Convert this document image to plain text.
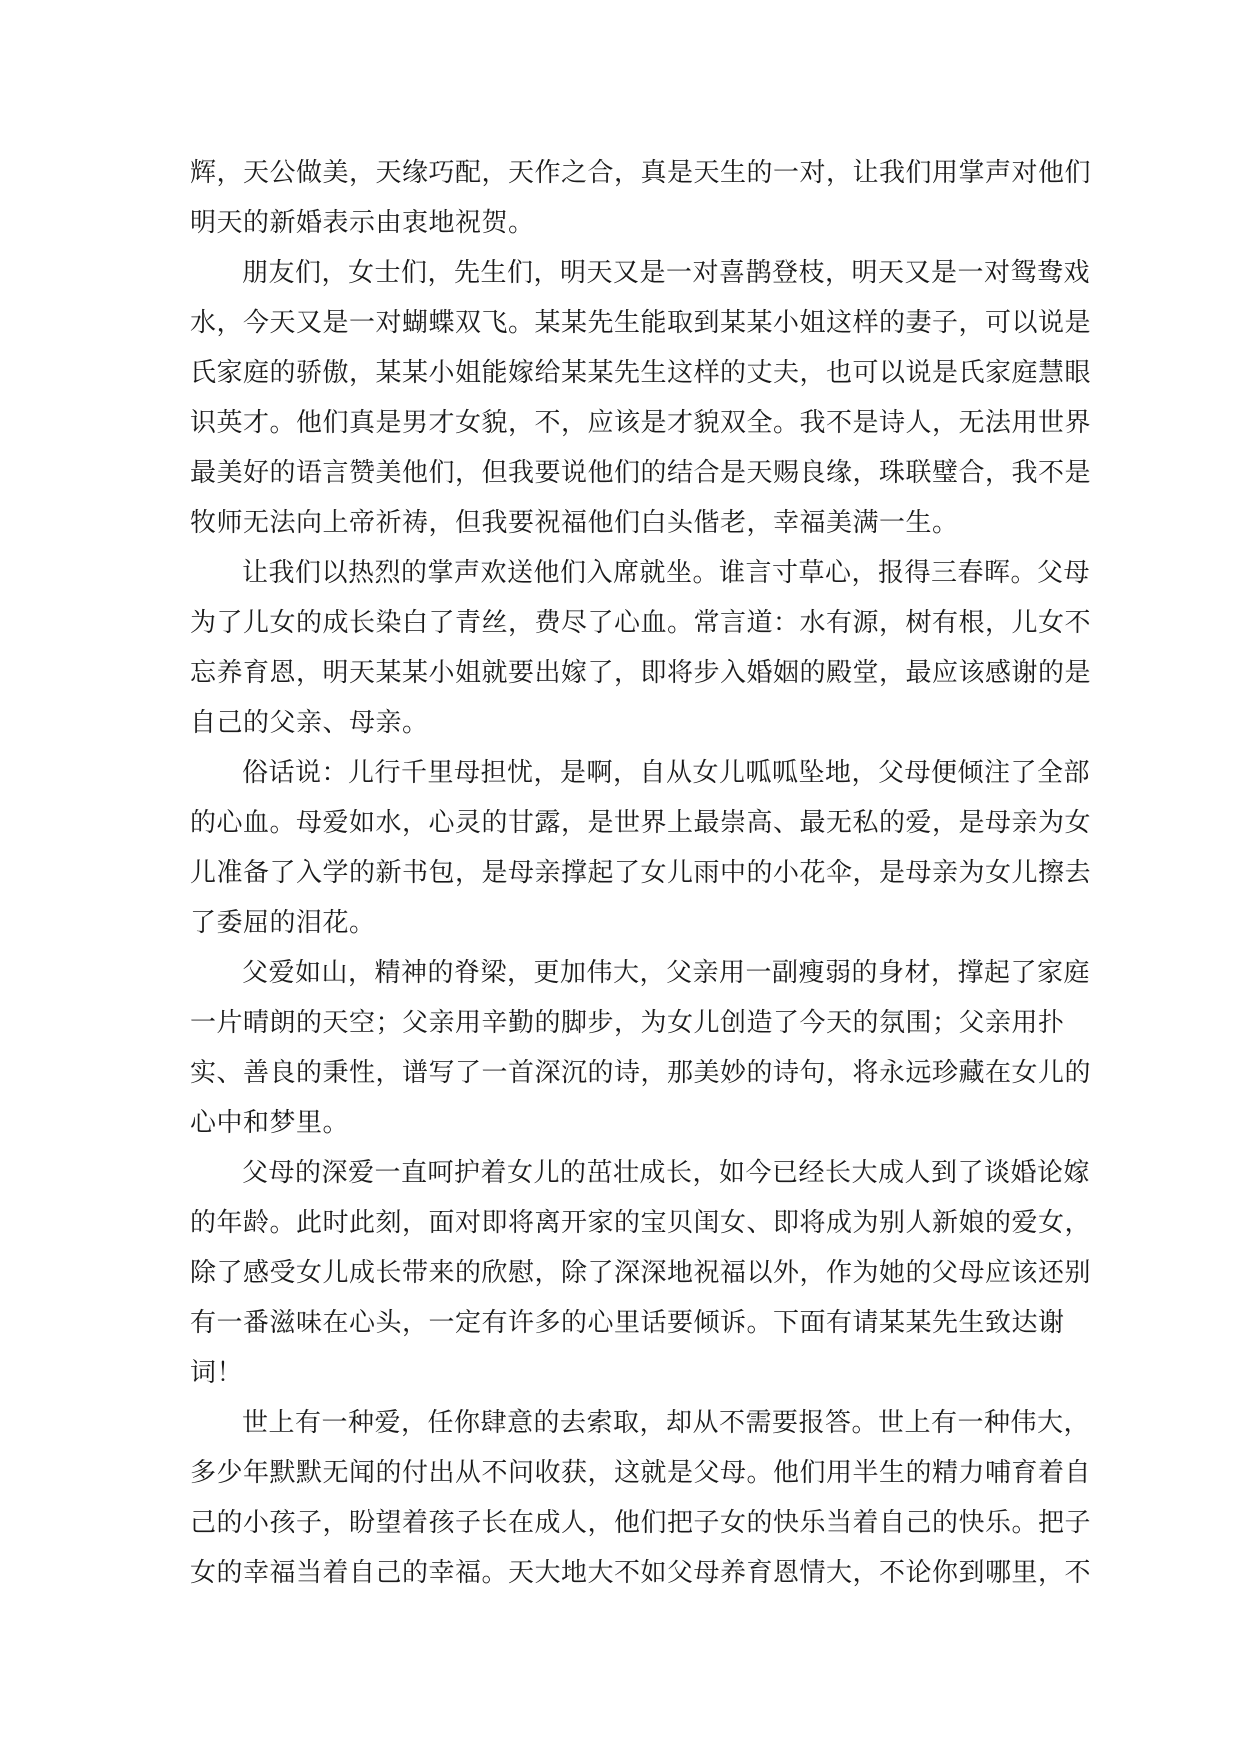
辉，天公做美，天缘巧配，天作之合，真是天生的一对，让我们用掌声对他们
明天的新婚表示由衷地祝贺。
朋友们，女士们，先生们，明天又是一对喜鹊登枝，明天又是一对鸳鸯戏
水，今天又是一对蝴蝶双飞。某某先生能取到某某小姐这样的妻子，可以说是
氏家庭的骄傲，某某小姐能嫁给某某先生这样的丈夫，也可以说是氏家庭慧眼
识英才。他们真是男才女貌，不，应该是才貌双全。我不是诗人，无法用世界
最美好的语言赞美他们，但我要说他们的结合是天赐良缘，珠联璧合，我不是
牧师无法向上帝祈祷，但我要祝福他们白头偕老，幸福美满一生。
让我们以热烈的掌声欢送他们入席就坐。谁言寸草心，报得三春晖。父母
为了儿女的成长染白了青丝，费尽了心血。常言道：水有源，树有根，儿女不
忘养育恩，明天某某小姐就要出嫁了，即将步入婚姻的殿堂，最应该感谢的是
自己的父亲、母亲。
俗话说：儿行千里母担忧，是啊，自从女儿呱呱坠地，父母便倾注了全部
的心血。母爱如水，心灵的甘露，是世界上最崇高、最无私的爱，是母亲为女
儿准备了入学的新书包，是母亲撑起了女儿雨中的小花伞，是母亲为女儿擦去
了委屈的泪花。
父爱如山，精神的脊梁，更加伟大，父亲用一副瘦弱的身材，撑起了家庭
一片晴朗的天空；父亲用辛勤的脚步，为女儿创造了今天的氛围；父亲用扑
实、善良的秉性，谱写了一首深沉的诗，那美妙的诗句，将永远珍藏在女儿的
心中和梦里。
父母的深爱一直呵护着女儿的茁壮成长，如今已经长大成人到了谈婚论嫁
的年龄。此时此刻，面对即将离开家的宝贝闺女、即将成为别人新娘的爱女，
除了感受女儿成长带来的欣慰，除了深深地祝福以外，作为她的父母应该还别
有一番滋味在心头，一定有许多的心里话要倾诉。下面有请某某先生致达谢
词！
世上有一种爱，任你肆意的去索取，却从不需要报答。世上有一种伟大，
多少年默默无闻的付出从不问收获，这就是父母。他们用半生的精力哺育着自
己的小孩子，盼望着孩子长在成人，他们把子女的快乐当着自己的快乐。把子
女的幸福当着自己的幸福。天大地大不如父母养育恩情大，不论你到哪里，不
